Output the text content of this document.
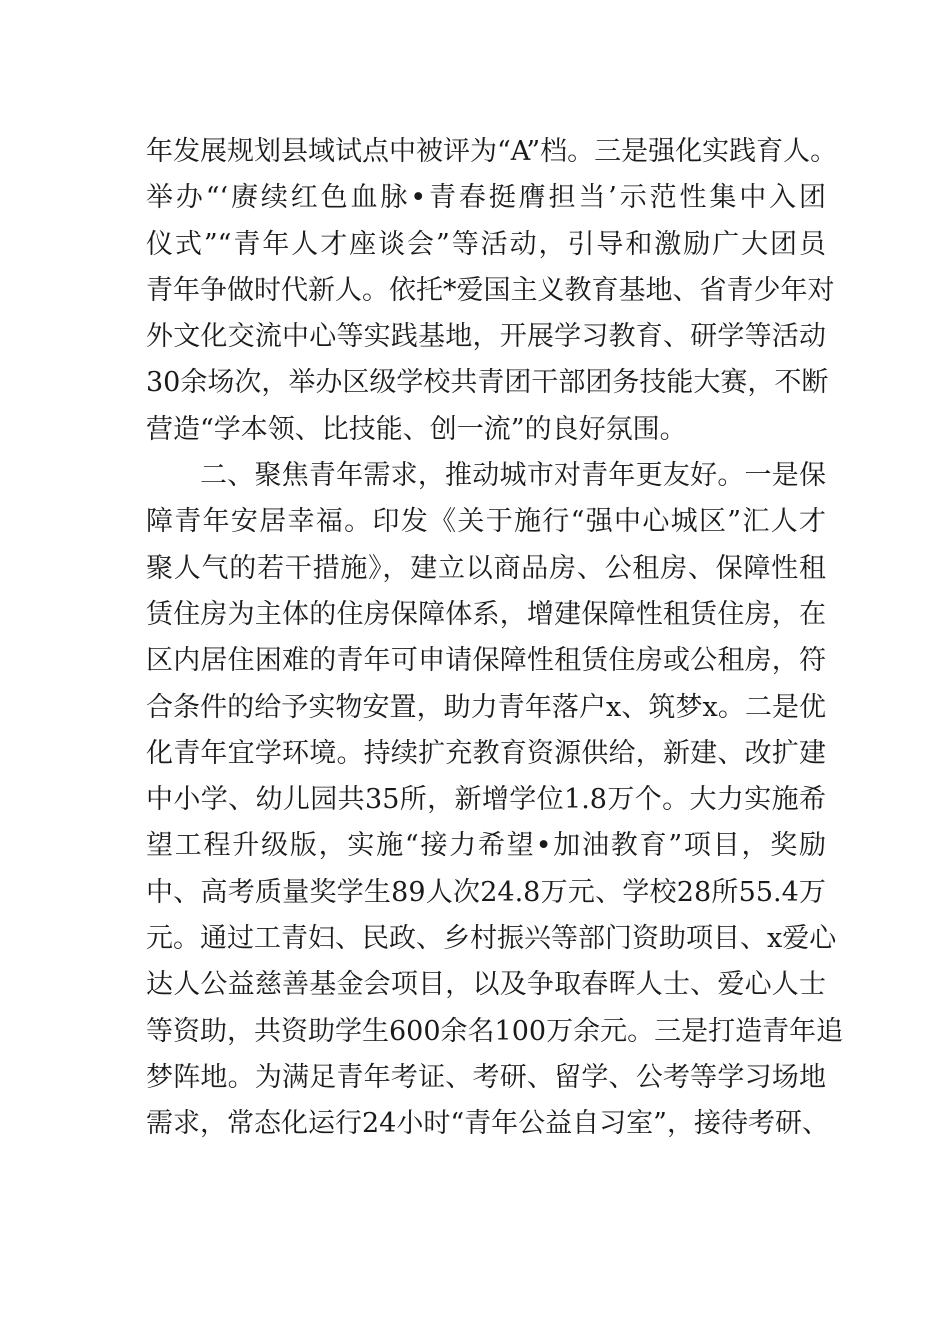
年发展规划县域试点中被评为“A”档。三是强化实践育人。
举办“‘赓续红色血脉•青春挺膺担当’示范性集中入团
仪式”“青年人才座谈会”等活动，引导和激励广大团员
青年争做时代新人。依托*爱国主义教育基地、省青少年对
外文化交流中心等实践基地，开展学习教育、研学等活动
30余场次，举办区级学校共青团干部团务技能大赛，不断
营造“学本领、比技能、创一流”的良好氛围。
二、聚焦青年需求，推动城市对青年更友好。一是保
障青年安居幸福。印发《关于施行“强中心城区”汇人才
聚人气的若干措施》，建立以商品房、公租房、保障性租
赁住房为主体的住房保障体系，增建保障性租赁住房，在
区内居住困难的青年可申请保障性租赁住房或公租房，符
合条件的给予实物安置，助力青年落户x、筑梦x。二是优
化青年宜学环境。持续扩充教育资源供给，新建、改扩建
中小学、幼儿园共35所，新增学位1.8万个。大力实施希
望工程升级版，实施“接力希望•加油教育”项目，奖励
中、高考质量奖学生89人次24.8万元、学校28所55.4万
元。通过工青妇、民政、乡村振兴等部门资助项目、x爱心
达人公益慈善基金会项目，以及争取春晖人士、爱心人士
等资助，共资助学生600余名100万余元。三是打造青年追
梦阵地。为满足青年考证、考研、留学、公考等学习场地
需求，常态化运行24小时“青年公益自习室”，接待考研、
